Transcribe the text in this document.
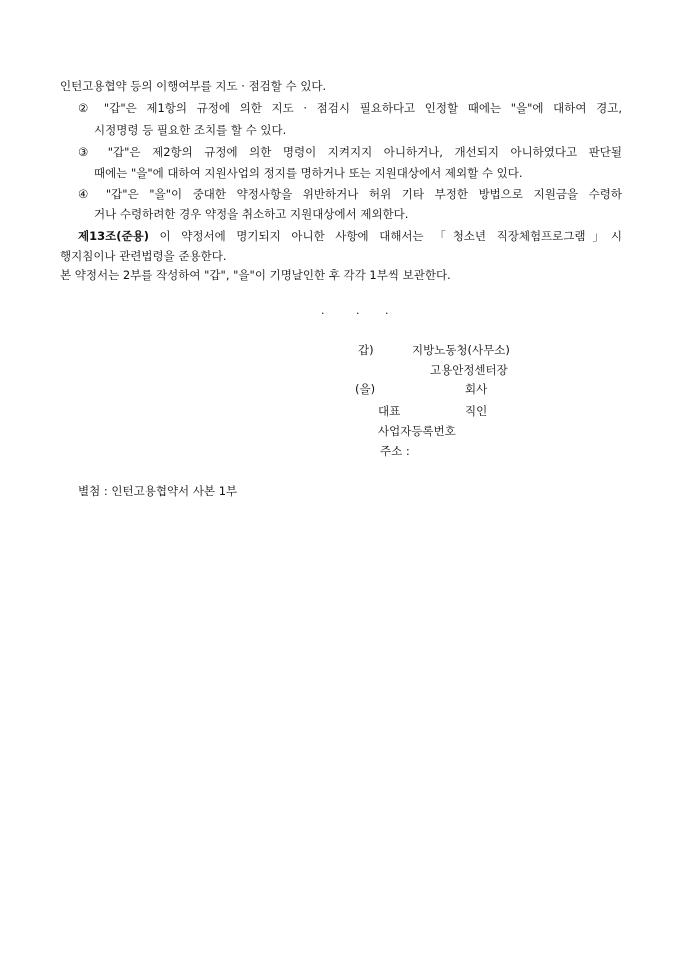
인턴고용협약 등의 이행여부를 지도 · 점검할 수 있다.
② "갑"은 제1항의 규정에 의한 지도 · 점검시 필요하다고 인정할 때에는 "을"에 대하여 경고,
시정명령 등 필요한 조치를 할 수 있다.
③ "갑"은 제2항의 규정에 의한 명령이 지켜지지 아니하거나, 개선되지 아니하였다고 판단될
때에는 "을"에 대하여 지원사업의 정지를 명하거나 또는 지원대상에서 제외할 수 있다.
④ "갑"은 "을"이 중대한 약정사항을 위반하거나 허위 기타 부정한 방법으로 지원금을 수령하
거나 수령하려한 경우 약정을 취소하고 지원대상에서 제외한다.
제13조(준용) 이 약정서에 명기되지 아니한 사항에 대해서는 「청소년 직장체험프로그램」시
행지침이나 관련법령을 준용한다.
본 약정서는 2부를 작성하여 "갑", "을"이 기명날인한 후 각각 1부씩 보관한다.
.	. .
갑)	지방노동청(사무소)
고용안정센터장
(을)	회사
대표	직인
사업자등록번호
주소 :
별첨 : 인턴고용협약서 사본 1부
